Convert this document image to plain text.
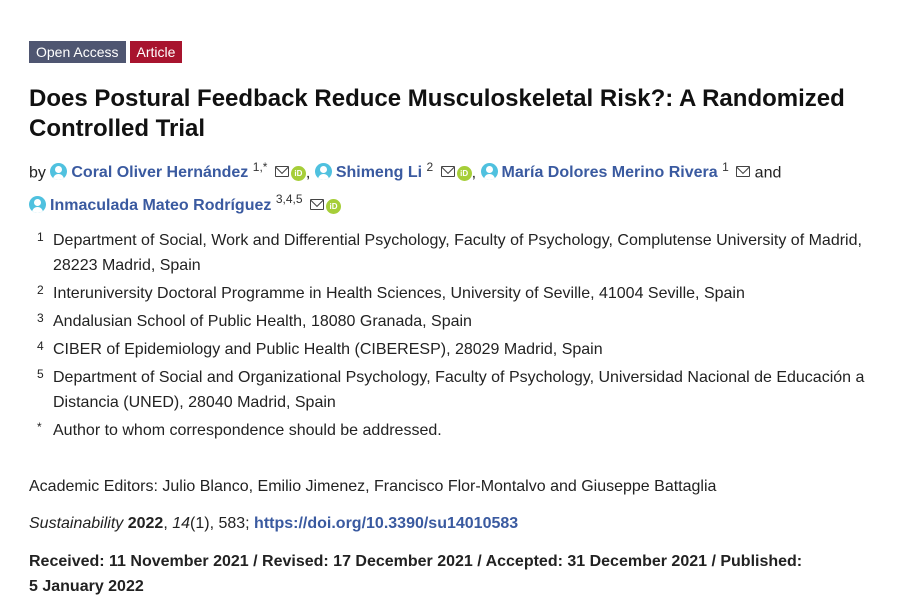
Open Access	Article
Does Postural Feedback Reduce Musculoskeletal Risk?: A Randomized Controlled Trial
by Coral Oliver Hernández $^{1,*}$	iD , Shimeng Li $^2$	iD , María Dolores Merino Rivera $^1$ and
Inmaculada Mateo Rodríguez $^{3,4,5}$	iD
1 Department of Social, Work and Differential Psychology, Faculty of Psychology, Complutense University of Madrid, 28223 Madrid, Spain
2 Interuniversity Doctoral Programme in Health Sciences, University of Seville, 41004 Seville, Spain
3 Andalusian School of Public Health, 18080 Granada, Spain
4 CIBER of Epidemiology and Public Health (CIBERESP), 28029 Madrid, Spain
5 Department of Social and Organizational Psychology, Faculty of Psychology, Universidad Nacional de Educación a Distancia (UNED), 28040 Madrid, Spain
* Author to whom correspondence should be addressed.
Academic Editors: Julio Blanco, Emilio Jimenez, Francisco Flor-Montalvo and Giuseppe Battaglia
Sustainability 2022, 14(1), 583; https://doi.org/10.3390/su14010583
Received: 11 November 2021 / Revised: 17 December 2021 / Accepted: 31 December 2021 / Published: 5 January 2022
